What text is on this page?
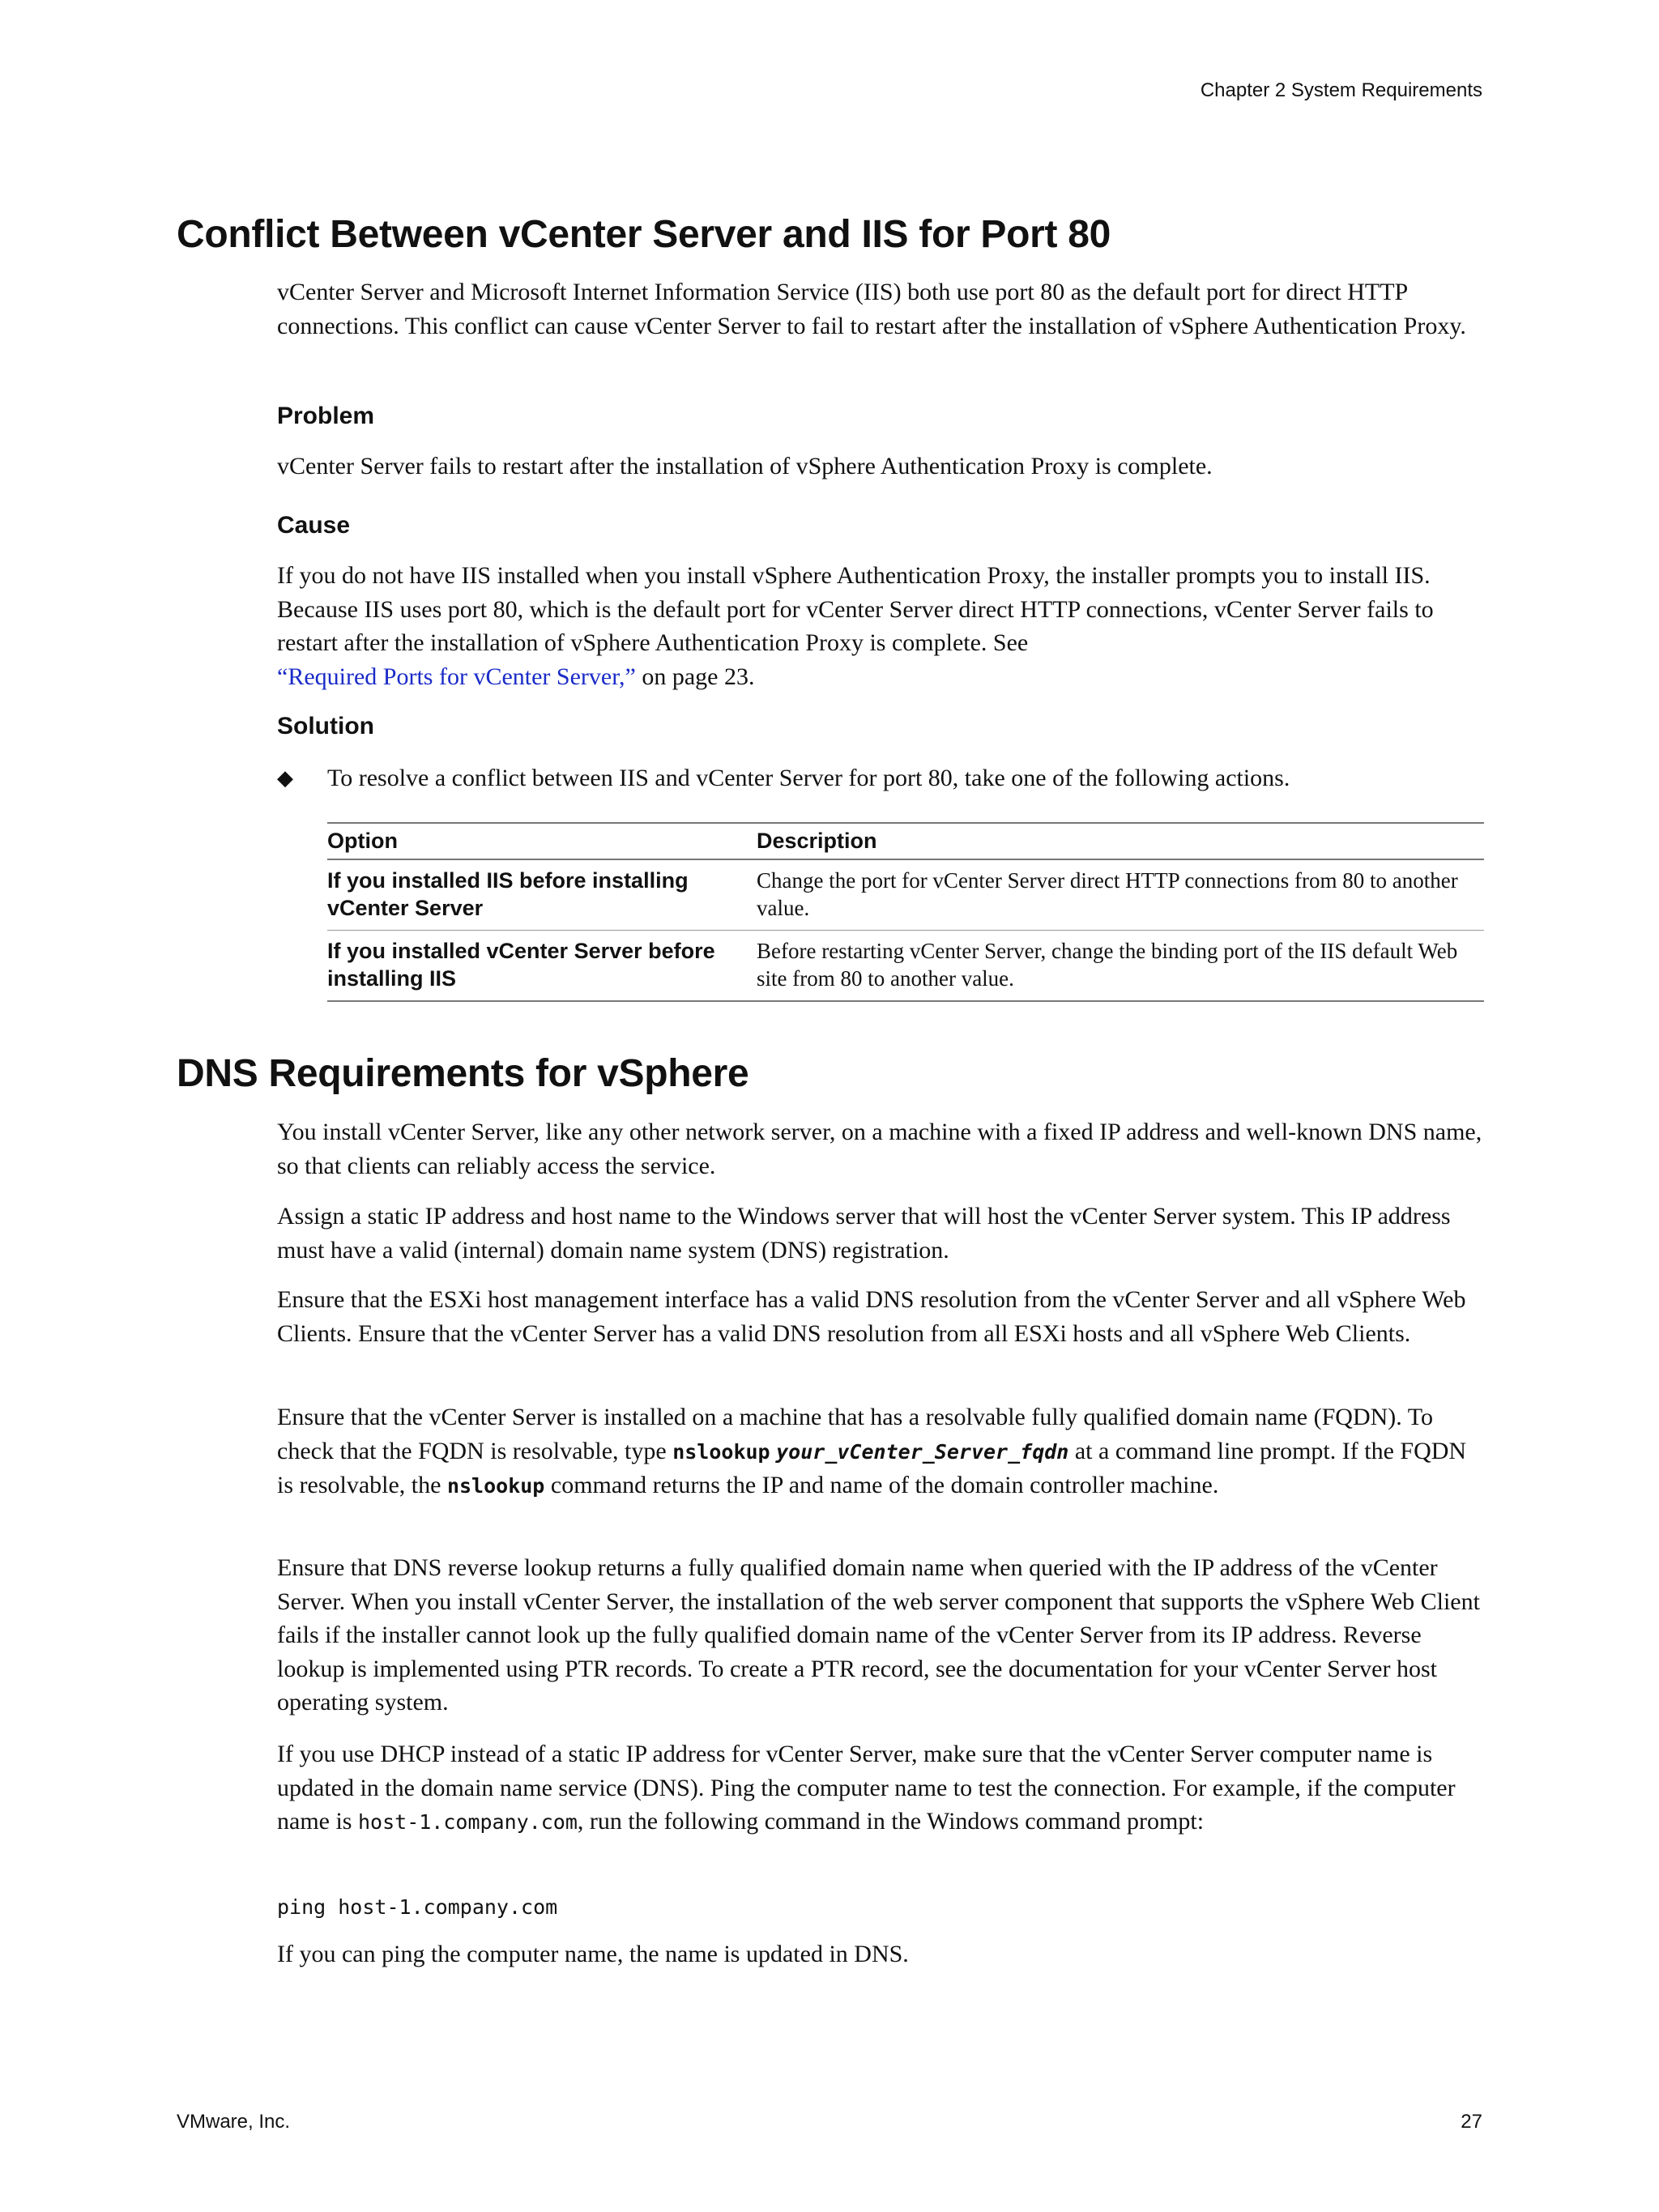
Chapter 2 System Requirements
Conflict Between vCenter Server and IIS for Port 80

vCenter Server and Microsoft Internet Information Service (IIS) both use port 80 as the default port for direct HTTP connections. This conflict can cause vCenter Server to fail to restart after the installation of vSphere Authentication Proxy.

Problem

vCenter Server fails to restart after the installation of vSphere Authentication Proxy is complete.

Cause

If you do not have IIS installed when you install vSphere Authentication Proxy, the installer prompts you to install IIS. Because IIS uses port 80, which is the default port for vCenter Server direct HTTP connections, vCenter Server fails to restart after the installation of vSphere Authentication Proxy is complete. See
“Required Ports for vCenter Server,” on page 23.

Solution
◆ To resolve a conflict between IIS and vCenter Server for port 80, take one of the following actions.
Option	Description
If you installed IIS before installing vCenter Server	Change the port for vCenter Server direct HTTP connections from 80 to another value.
If you installed vCenter Server before installing IIS	Before restarting vCenter Server, change the binding port of the IIS default Web site from 80 to another value.
DNS Requirements for vSphere

You install vCenter Server, like any other network server, on a machine with a fixed IP address and well-known DNS name, so that clients can reliably access the service.

Assign a static IP address and host name to the Windows server that will host the vCenter Server system. This IP address must have a valid (internal) domain name system (DNS) registration.

Ensure that the ESXi host management interface has a valid DNS resolution from the vCenter Server and all vSphere Web Clients. Ensure that the vCenter Server has a valid DNS resolution from all ESXi hosts and all vSphere Web Clients.

Ensure that the vCenter Server is installed on a machine that has a resolvable fully qualified domain name (FQDN). To check that the FQDN is resolvable, type nslookup your_vCenter_Server_fqdn at a command line prompt. If the FQDN is resolvable, the nslookup command returns the IP and name of the domain controller machine.

Ensure that DNS reverse lookup returns a fully qualified domain name when queried with the IP address of the vCenter Server. When you install vCenter Server, the installation of the web server component that supports the vSphere Web Client fails if the installer cannot look up the fully qualified domain name of the vCenter Server from its IP address. Reverse lookup is implemented using PTR records. To create a PTR record, see the documentation for your vCenter Server host operating system.

If you use DHCP instead of a static IP address for vCenter Server, make sure that the vCenter Server computer name is updated in the domain name service (DNS). Ping the computer name to test the connection. For example, if the computer name is host-1.company.com, run the following command in the Windows command prompt:

ping host-1.company.com

If you can ping the computer name, the name is updated in DNS.

VMware, Inc.	27
